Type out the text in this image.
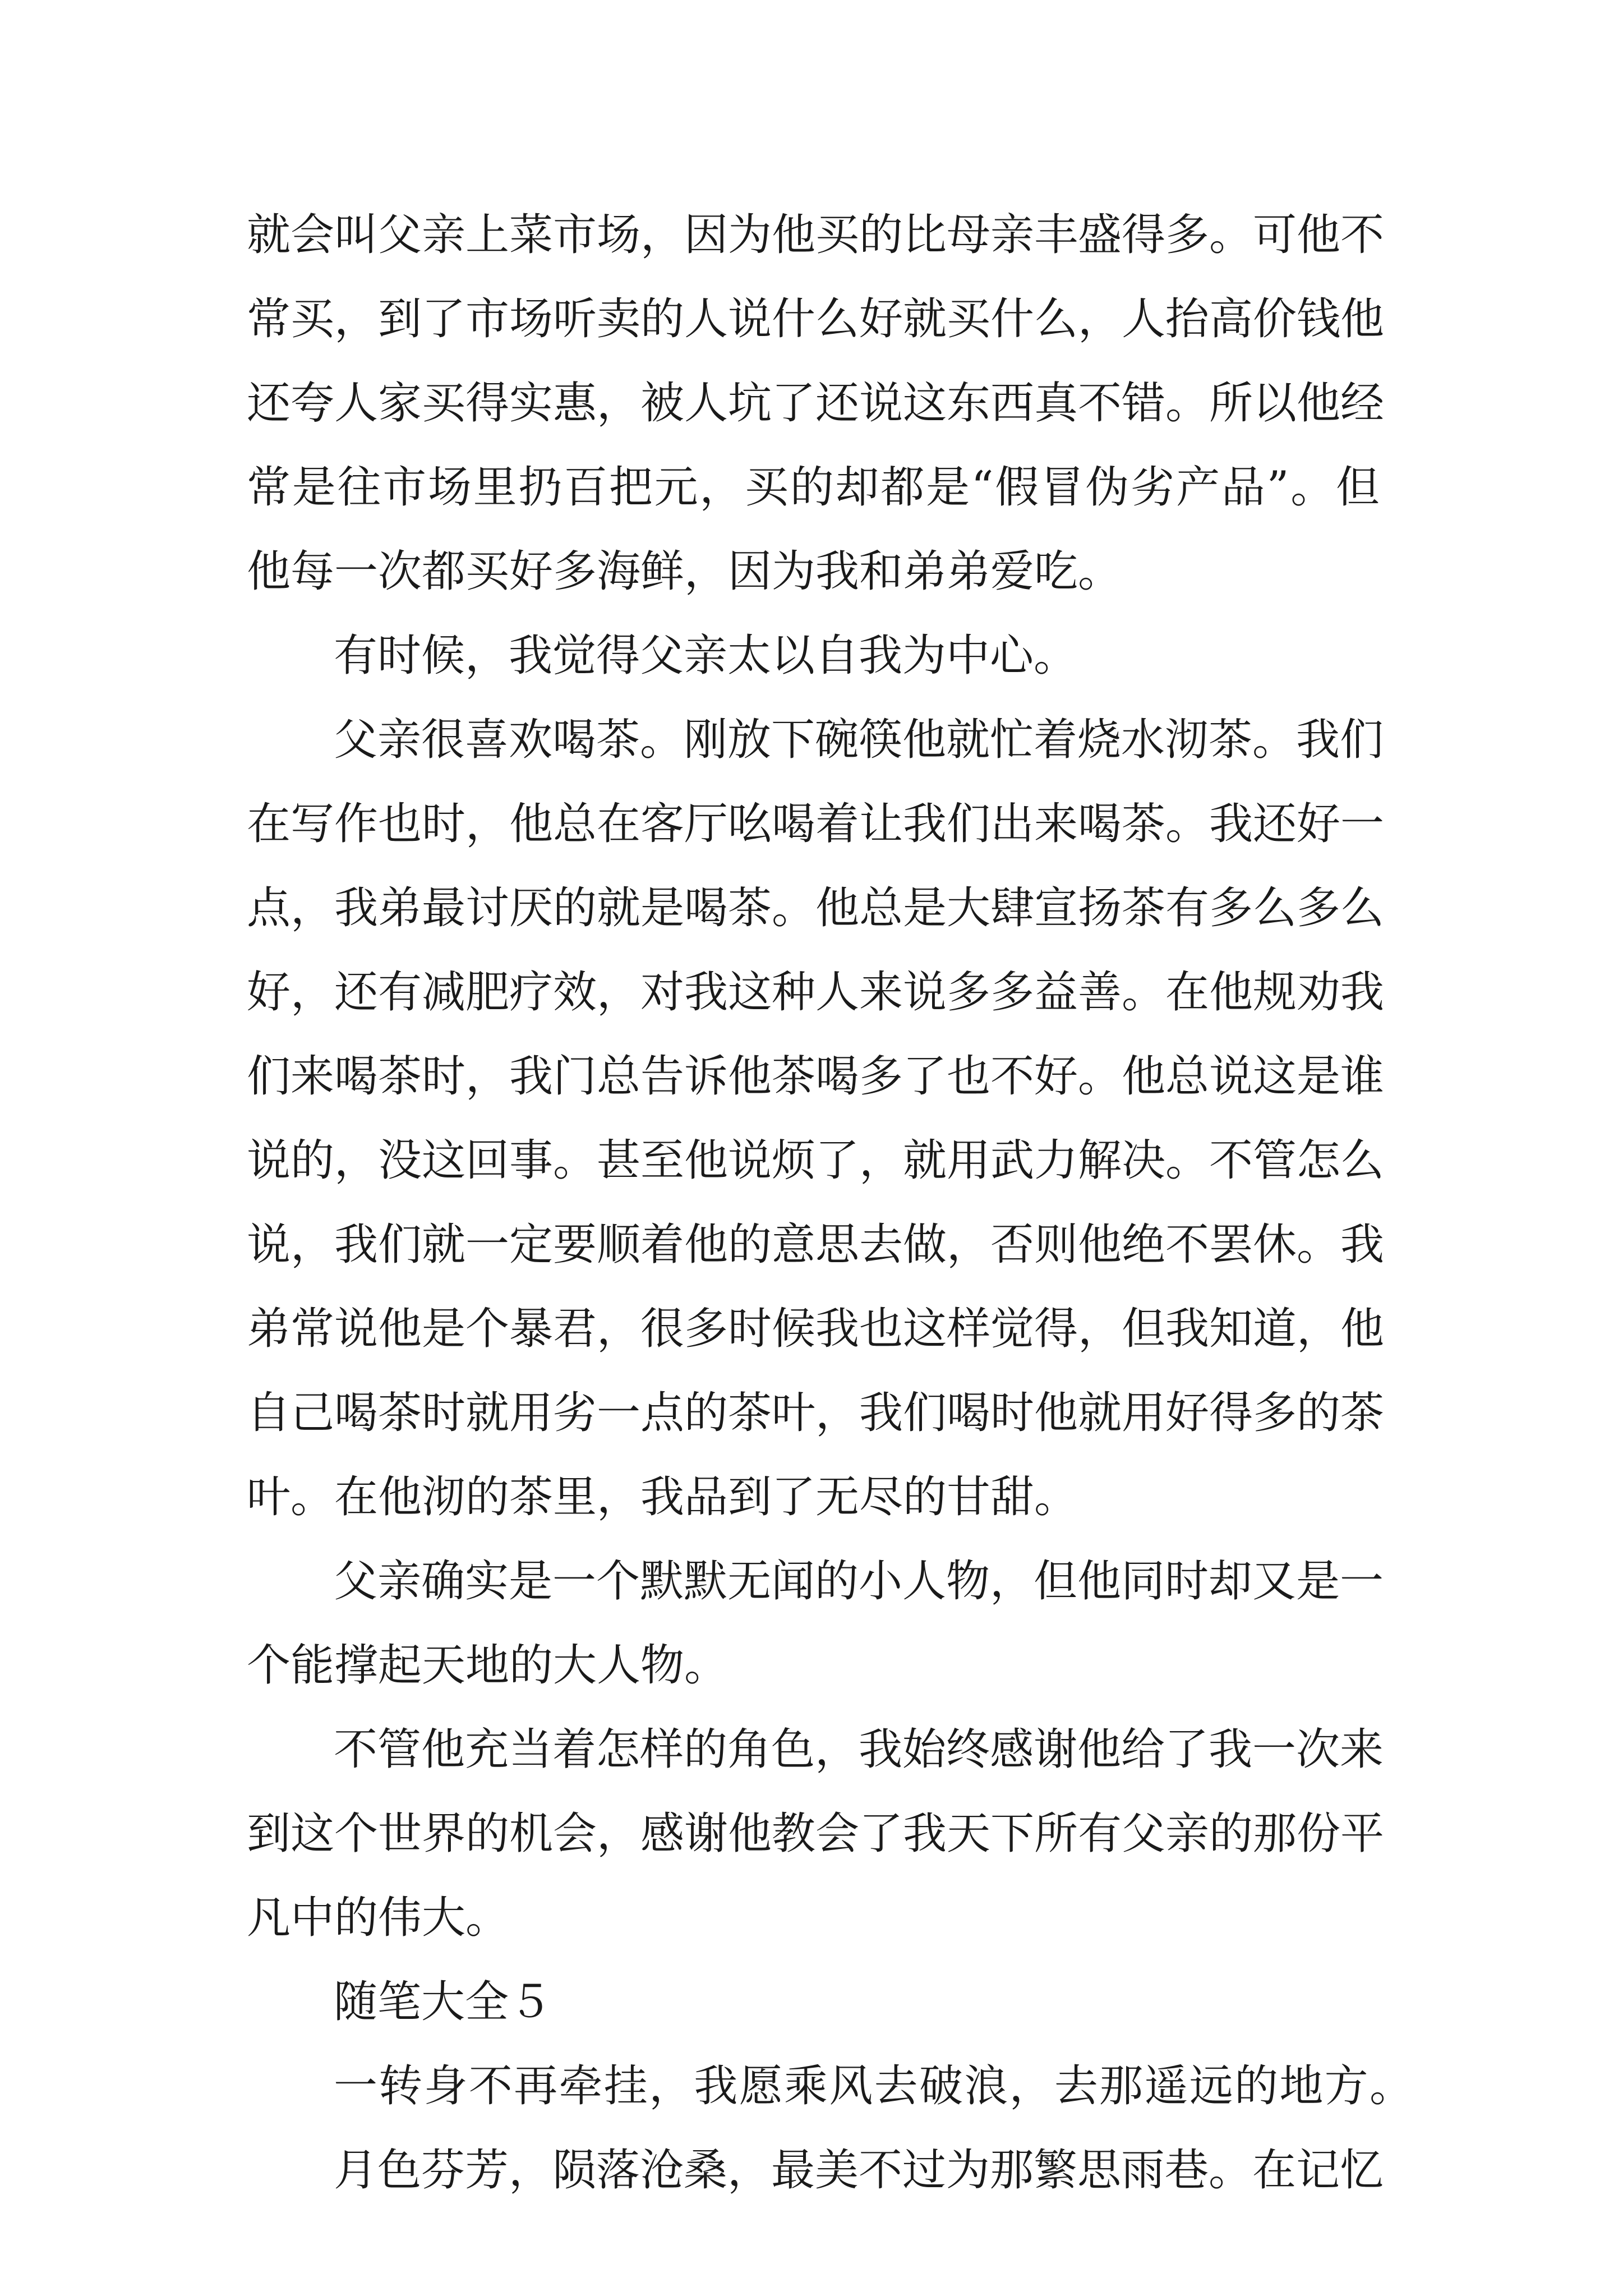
就会叫父亲上菜市场，因为他买的比母亲丰盛得多。可他不
常买，到了市场听卖的人说什么好就买什么，人抬高价钱他
还夸人家买得实惠，被人坑了还说这东西真不错。所以他经
常是往市场里扔百把元，买的却都是“假冒伪劣产品”。但
他每一次都买好多海鲜，因为我和弟弟爱吃。
有时候，我觉得父亲太以自我为中心。
父亲很喜欢喝茶。刚放下碗筷他就忙着烧水沏茶。我们
在写作也时，他总在客厅吆喝着让我们出来喝茶。我还好一
点，我弟最讨厌的就是喝茶。他总是大肆宣扬茶有多么多么
好，还有减肥疗效，对我这种人来说多多益善。在他规劝我
们来喝茶时，我门总告诉他茶喝多了也不好。他总说这是谁
说的，没这回事。甚至他说烦了，就用武力解决。不管怎么
说，我们就一定要顺着他的意思去做，否则他绝不罢休。我
弟常说他是个暴君，很多时候我也这样觉得，但我知道，他
自己喝茶时就用劣一点的茶叶，我们喝时他就用好得多的茶
叶。在他沏的茶里，我品到了无尽的甘甜。
父亲确实是一个默默无闻的小人物，但他同时却又是一
个能撑起天地的大人物。
不管他充当着怎样的角色，我始终感谢他给了我一次来
到这个世界的机会，感谢他教会了我天下所有父亲的那份平
凡中的伟大。
随笔大全５
一转身不再牵挂，我愿乘风去破浪，去那遥远的地方。
月色芬芳，陨落沧桑，最美不过为那繁思雨巷。在记忆
